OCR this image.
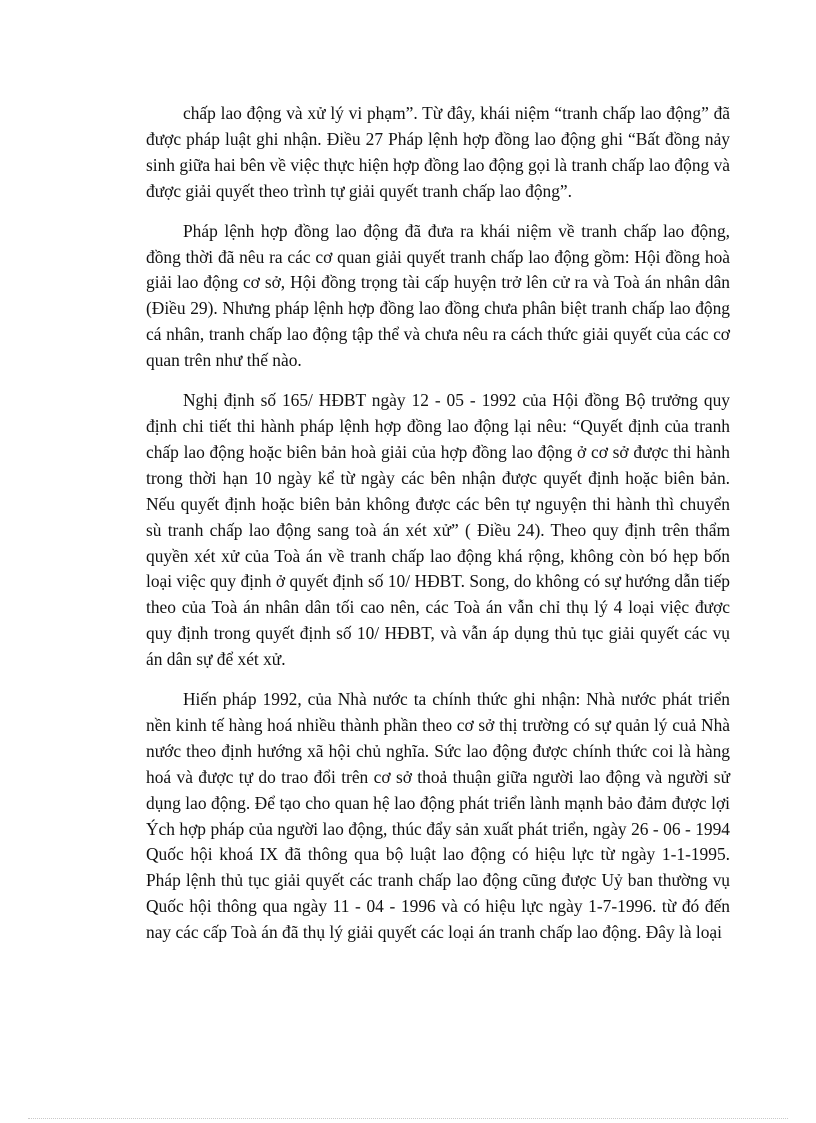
chấp lao động và xử lý vi phạm”. Từ đây, khái niệm “tranh chấp lao động” đã được pháp luật ghi nhận. Điều 27 Pháp lệnh hợp đồng lao động ghi “Bất đồng nảy sinh giữa hai bên về việc thực hiện hợp đồng lao động gọi là tranh chấp lao động và được giải quyết theo trình tự giải quyết tranh chấp lao động”.

Pháp lệnh hợp đồng lao động đã đưa ra khái niệm về tranh chấp lao động, đồng thời đã nêu ra các cơ quan giải quyết tranh chấp lao động gồm: Hội đồng hoà giải lao động cơ sở, Hội đồng trọng tài cấp huyện trở lên cử ra và Toà án nhân dân (Điều 29). Nhưng pháp lệnh hợp đồng lao đồng chưa phân biệt tranh chấp lao động cá nhân, tranh chấp lao động tập thể và chưa nêu ra cách thức giải quyết của các cơ quan trên như thế nào.

Nghị định số 165/ HĐBT ngày 12 - 05 - 1992 của Hội đồng Bộ trưởng quy định chi tiết thi hành pháp lệnh hợp đồng lao động lại nêu: “Quyết định của tranh chấp lao động hoặc biên bản hoà giải của hợp đồng lao động ở cơ sở được thi hành trong thời hạn 10 ngày kể từ ngày các bên nhận được quyết định hoặc biên bản. Nếu quyết định hoặc biên bản không được các bên tự nguyện thi hành thì chuyển sù tranh chấp lao động sang toà án xét xử” ( Điều 24). Theo quy định trên thẩm quyền xét xử của Toà án về tranh chấp lao động khá rộng, không còn bó hẹp bốn loại việc quy định ở quyết định số 10/ HĐBT. Song, do không có sự hướng dẫn tiếp theo của Toà án nhân dân tối cao nên, các Toà án vẫn chỉ thụ lý 4 loại việc được quy định trong quyết định số 10/ HĐBT, và vẫn áp dụng thủ tục giải quyết các vụ án dân sự để xét xử.

Hiến pháp 1992, của Nhà nước ta chính thức ghi nhận: Nhà nước phát triển nền kinh tế hàng hoá nhiều thành phần theo cơ sở thị trường có sự quản lý cuả Nhà nước theo định hướng xã hội chủ nghĩa. Sức lao động được chính thức coi là hàng hoá và được tự do trao đổi trên cơ sở thoả thuận giữa người lao động và người sử dụng lao động. Để tạo cho quan hệ lao động phát triển lành mạnh bảo đảm được lợi Ých hợp pháp của người lao động, thúc đẩy sản xuất phát triển, ngày 26 - 06 - 1994 Quốc hội khoá IX đã thông qua bộ luật lao động có hiệu lực từ ngày 1-1-1995. Pháp lệnh thủ tục giải quyết các tranh chấp lao động cũng được Uỷ ban thường vụ Quốc hội thông qua ngày 11 - 04 - 1996 và có hiệu lực ngày 1-7-1996. từ đó đến nay các cấp Toà án đã thụ lý giải quyết các loại án tranh chấp lao động. Đây là loại
